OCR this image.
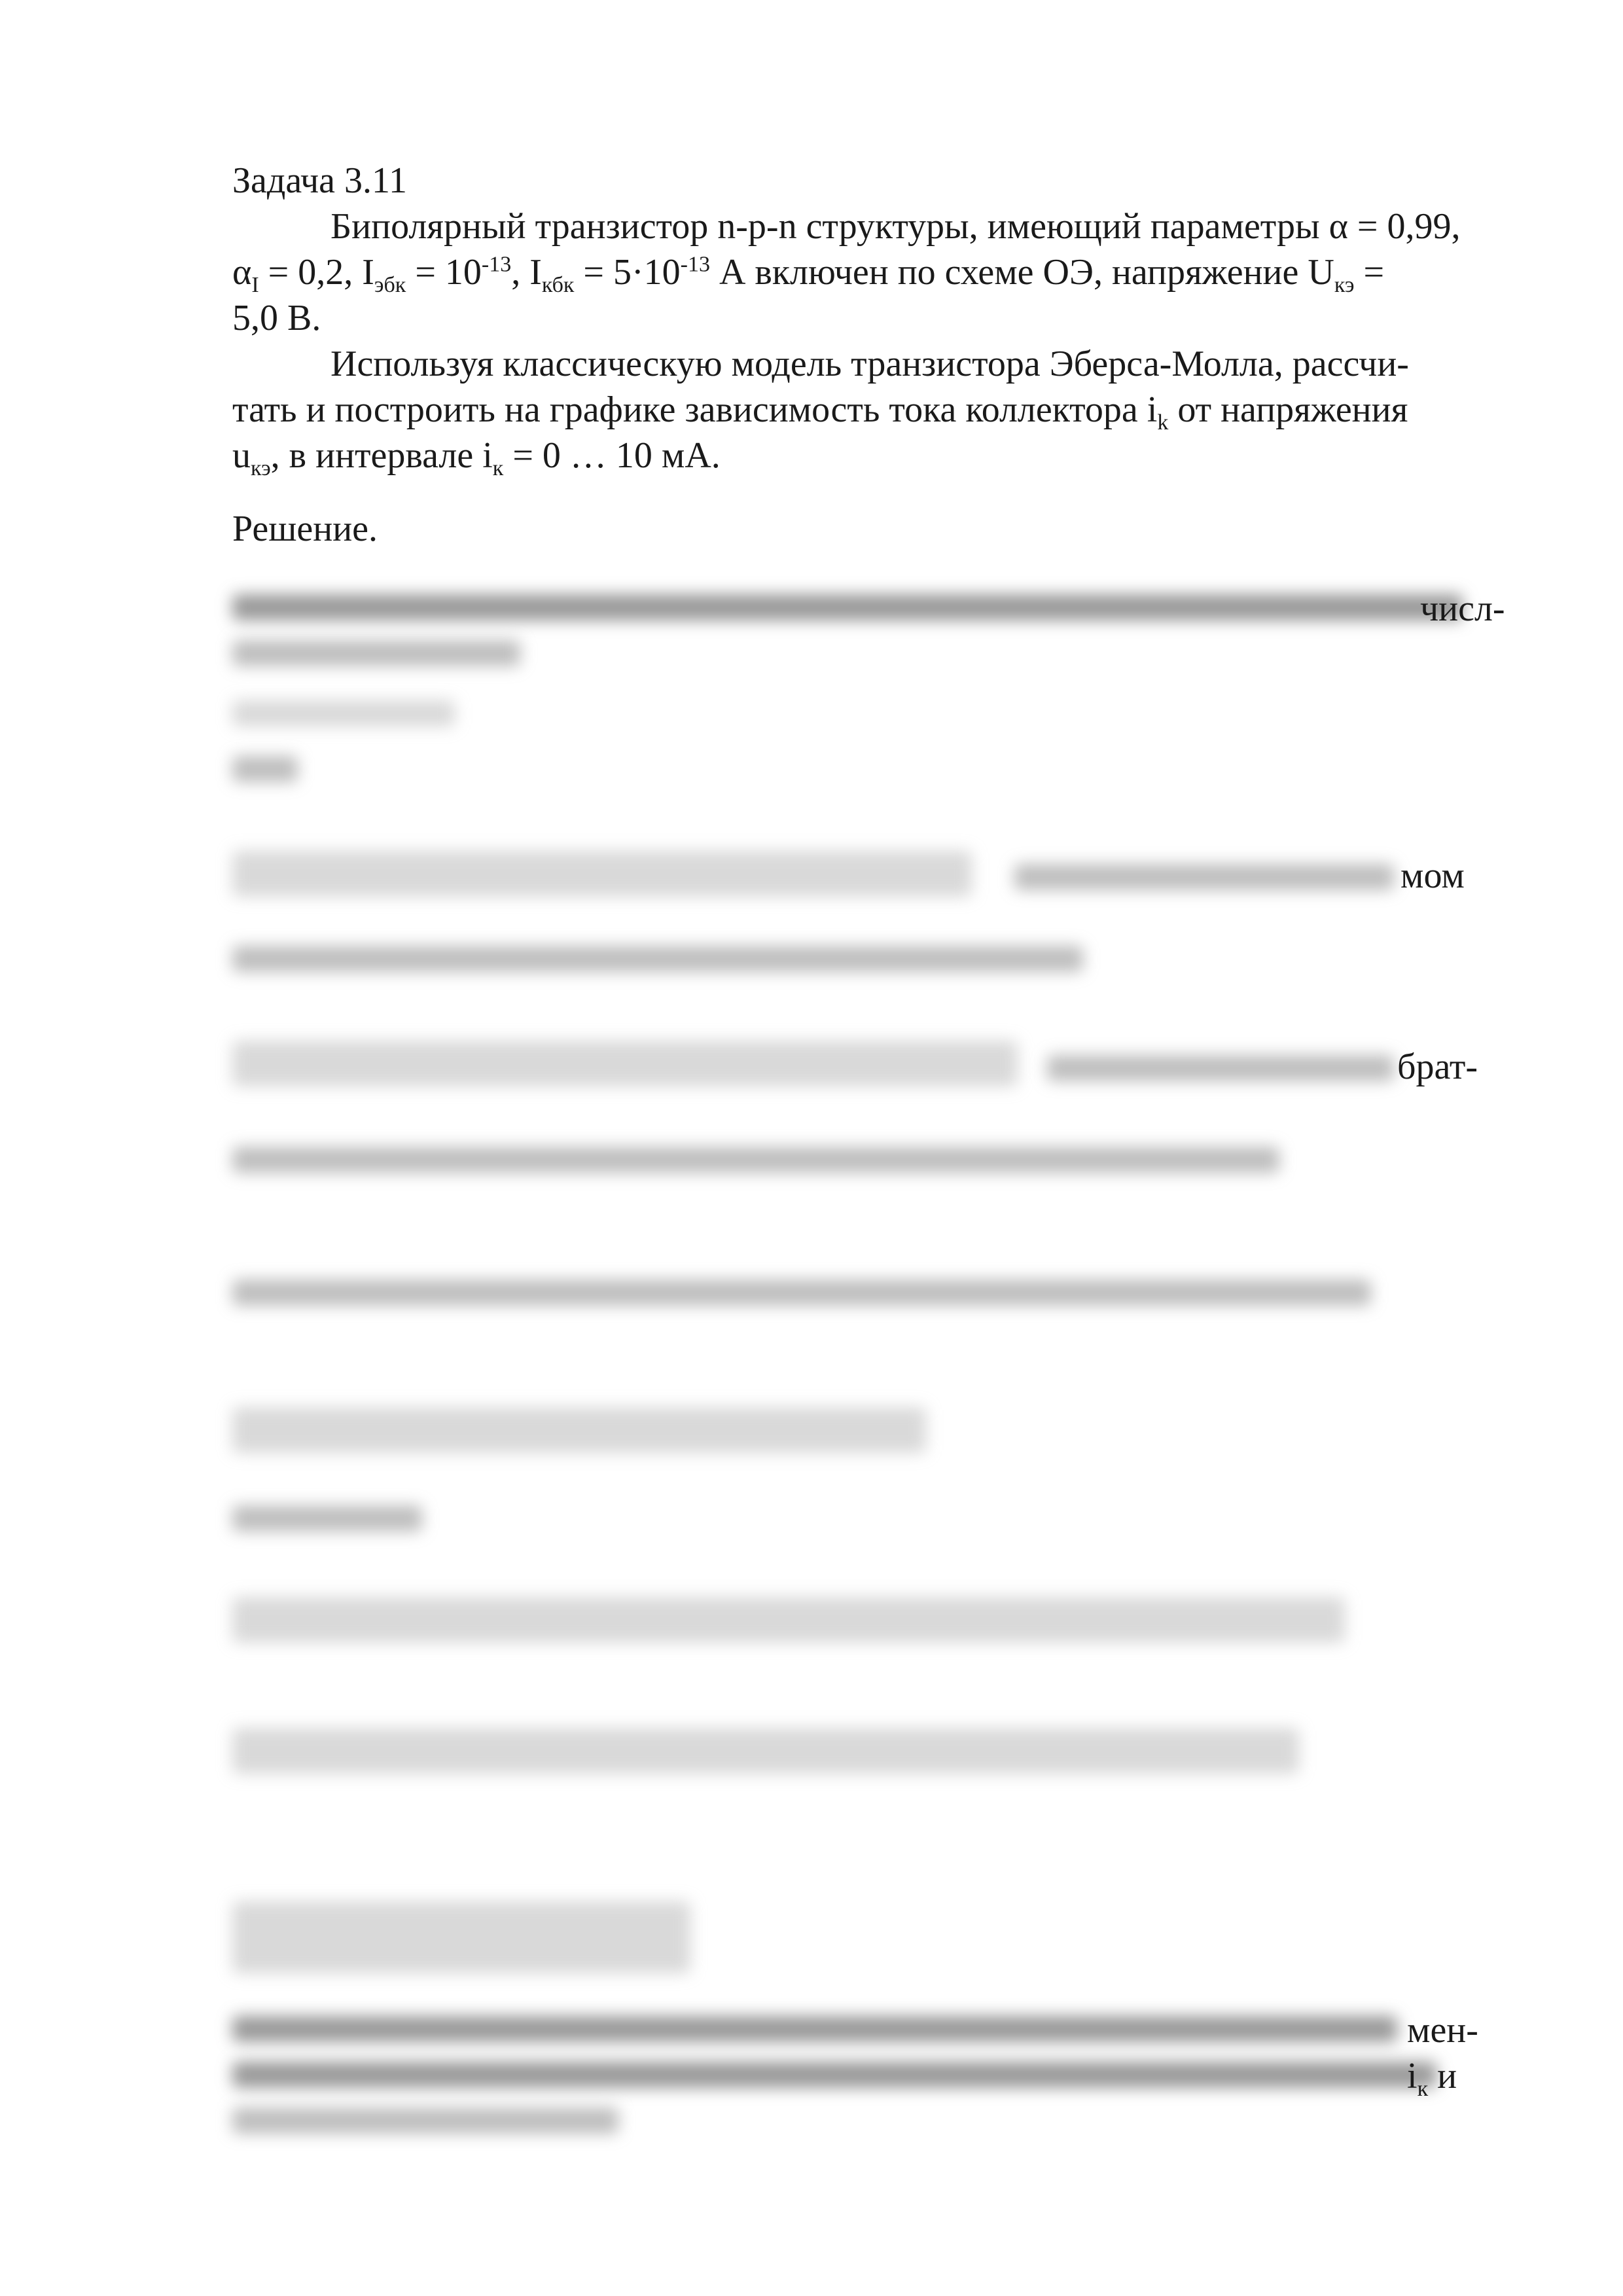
Задача 3.11
Биполярный транзистор n-p-n структуры, имеющий параметры α = 0,99,
$\alpha_I = 0,2$, $I_{эбк} = 10^{-13}$, $I_{кбк} = 5\cdot 10^{-13}$ А включен по схеме ОЭ, напряжение $U_{кэ}$ =
5,0 В.
Используя классическую модель транзистора Эберса-Молла, рассчи-
тать и построить на графике зависимость тока коллектора $i_k$ от напряжения
$u_{кэ}$, в интервале $i_к = 0$ … 10 мА.
Решение.
числ-
мом
брат-
мен-
$i_к$ и
